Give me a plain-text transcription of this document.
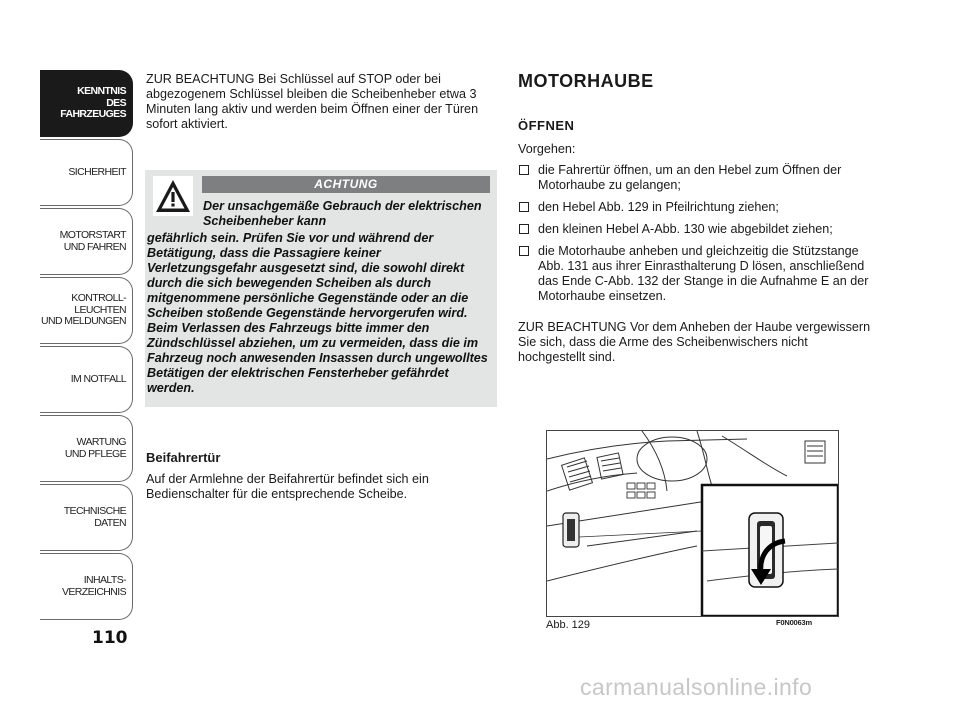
KENNTNIS
DES FAHRZEUGES
SICHERHEIT
MOTORSTART
UND FAHREN
KONTROLL-
LEUCHTEN
UND MELDUNGEN
IM NOTFALL
WARTUNG
UND PFLEGE
TECHNISCHE
DATEN
INHALTS-
VERZEICHNIS
110
ZUR BEACHTUNG Bei Schlüssel auf STOP oder bei abgezogenem Schlüssel bleiben die Scheibenheber etwa 3 Minuten lang aktiv und werden beim Öffnen einer der Türen sofort aktiviert.
ACHTUNG
Der unsachgemäße Gebrauch der elektrischen Scheibenheber kann
gefährlich sein. Prüfen Sie vor und während der Betätigung, dass die Passagiere keiner Verletzungsgefahr ausgesetzt sind, die sowohl direkt durch die sich bewegenden Scheiben als durch mitgenommene persönliche Gegenstände oder an die Scheiben stoßende Gegenstände hervorgerufen wird. Beim Verlassen des Fahrzeugs bitte immer den Zündschlüssel abziehen, um zu vermeiden, dass die im Fahrzeug noch anwesenden Insassen durch ungewolltes Betätigen der elektrischen Fensterheber gefährdet werden.
Beifahrertür
Auf der Armlehne der Beifahrertür befindet sich ein Bedienschalter für die entsprechende Scheibe.
MOTORHAUBE
ÖFFNEN
Vorgehen:
die Fahrertür öffnen, um an den Hebel zum Öffnen der Motorhaube zu gelangen;
den Hebel Abb. 129 in Pfeilrichtung ziehen;
den kleinen Hebel A-Abb. 130 wie abgebildet ziehen;
die Motorhaube anheben und gleichzeitig die Stützstange Abb. 131 aus ihrer Einrasthalterung D lösen, anschließend das Ende C-Abb. 132 der Stange in die Aufnahme E an der Motorhaube einsetzen.
ZUR BEACHTUNG Vor dem Anheben der Haube vergewissern Sie sich, dass die Arme des Scheibenwischers nicht hochgestellt sind.
Abb. 129	F0N0063m
carmanualsonline.info
